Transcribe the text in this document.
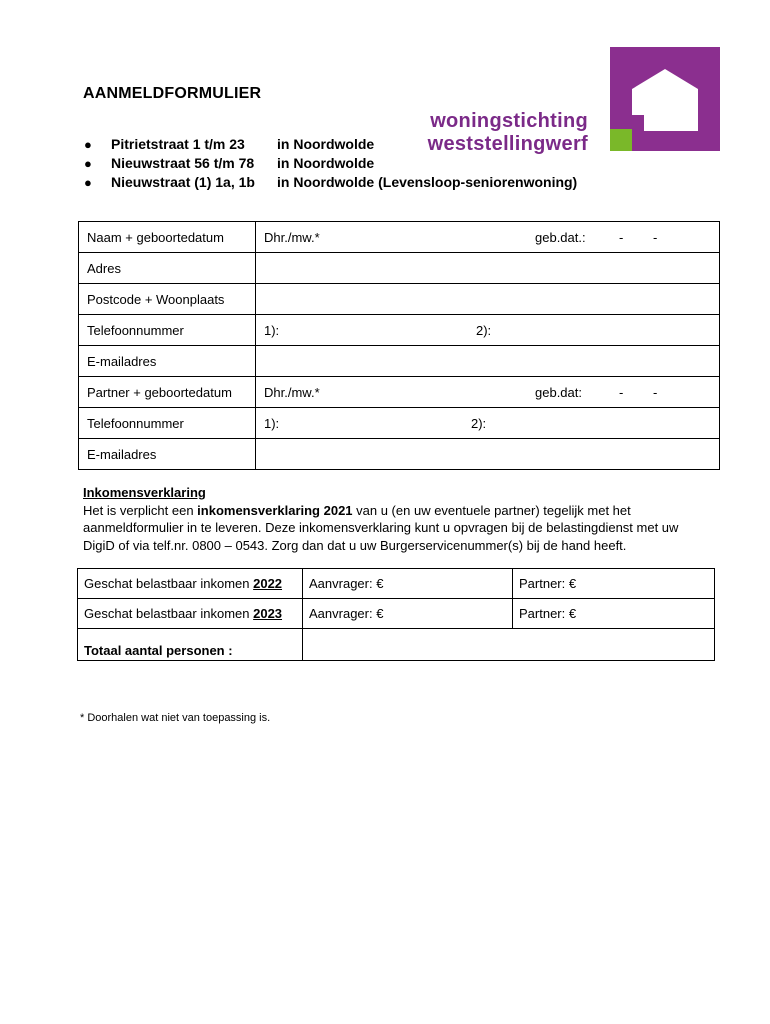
AANMELDFORMULIER
●	Pitrietstraat 1 t/m 23	in Noordwolde
●	Nieuwstraat 56 t/m 78	in Noordwolde
●	Nieuwstraat (1) 1a, 1b	in Noordwolde (Levensloop-seniorenwoning)
woningstichting
weststellingwerf
Naam + geboortedatum	Dhr./mw.* geb.dat.: - -

Adres	
Postcode + Woonplaats	
Telefoonnummer	1): 2):

E-mailadres	
Partner + geboortedatum	Dhr./mw.* geb.dat: - -

Telefoonnummer	1): 2):

E-mailadres	
Inkomensverklaring
Het is verplicht een inkomensverklaring 2021 van u (en uw eventuele partner) tegelijk met het
aanmeldformulier in te leveren. Deze inkomensverklaring kunt u opvragen bij de belastingdienst met uw
DigiD of via telf.nr. 0800 – 0543. Zorg dan dat u uw Burgerservicenummer(s) bij de hand heeft.
Geschat belastbaar inkomen 2022	Aanvrager: €	Partner: €
Geschat belastbaar inkomen 2023	Aanvrager: €	Partner: €
Totaal aantal personen :		
* Doorhalen wat niet van toepassing is.
